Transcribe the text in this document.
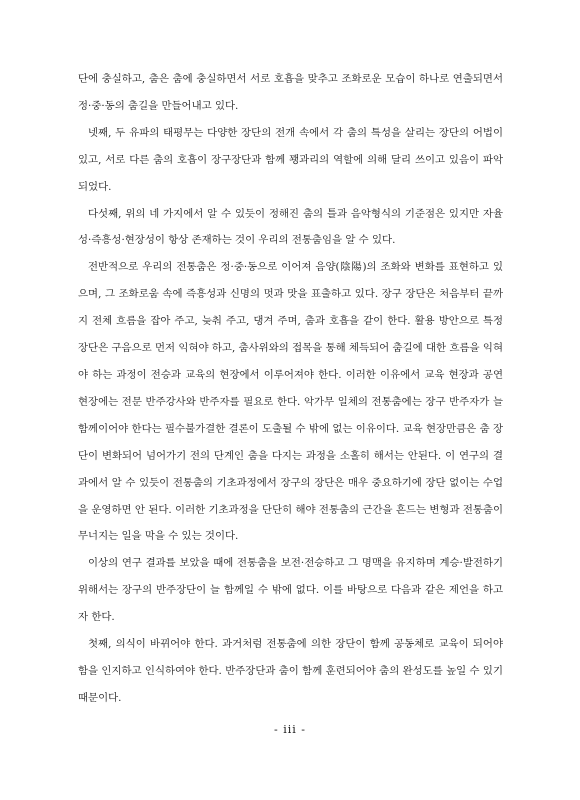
단에 충실하고, 춤은 춤에 충실하면서 서로 호흡을 맞추고 조화로운 모습이 하나로 연출되면서 정·중·동의 춤길을 만들어내고 있다.

넷째, 두 유파의 태평무는 다양한 장단의 전개 속에서 각 춤의 특성을 살리는 장단의 어법이 있고, 서로 다른 춤의 호흡이 장구장단과 함께 꽹과리의 역할에 의해 달리 쓰이고 있음이 파악되었다.

다섯째, 위의 네 가지에서 알 수 있듯이 정해진 춤의 틀과 음악형식의 기준점은 있지만 자율성·즉흥성·현장성이 항상 존재하는 것이 우리의 전통춤임을 알 수 있다.

전반적으로 우리의 전통춤은 정·중·동으로 이어져 음양(陰陽)의 조화와 변화를 표현하고 있으며, 그 조화로움 속에 즉흥성과 신명의 멋과 맛을 표출하고 있다. 장구 장단은 처음부터 끝까지 전체 흐름을 잡아 주고, 늦춰 주고, 댕겨 주며, 춤과 호흡을 같이 한다. 활용 방안으로 특정 장단은 구음으로 먼저 익혀야 하고, 춤사위와의 접목을 통해 체득되어 춤길에 대한 흐름을 익혀야 하는 과정이 전승과 교육의 현장에서 이루어져야 한다. 이러한 이유에서 교육 현장과 공연 현장에는 전문 반주강사와 반주자를 필요로 한다. 악가무 일체의 전통춤에는 장구 반주자가 늘 함께이어야 한다는 필수불가결한 결론이 도출될 수 밖에 없는 이유이다. 교육 현장만큼은 춤 장단이 변화되어 넘어가기 전의 단계인 춤을 다지는 과정을 소홀히 해서는 안된다. 이 연구의 결과에서 알 수 있듯이 전통춤의 기초과정에서 장구의 장단은 매우 중요하기에 장단 없이는 수업을 운영하면 안 된다. 이러한 기초과정을 단단히 해야 전통춤의 근간을 흔드는 변형과 전통춤이 무너지는 일을 막을 수 있는 것이다.

이상의 연구 결과를 보았을 때에 전통춤을 보전·전승하고 그 명맥을 유지하며 계승·발전하기 위해서는 장구의 반주장단이 늘 함께일 수 밖에 없다. 이를 바탕으로 다음과 같은 제언을 하고자 한다.

첫째, 의식이 바뀌어야 한다. 과거처럼 전통춤에 의한 장단이 함께 공동체로 교육이 되어야 함을 인지하고 인식하여야 한다. 반주장단과 춤이 함께 훈련되어야 춤의 완성도를 높일 수 있기 때문이다.

- iii -
